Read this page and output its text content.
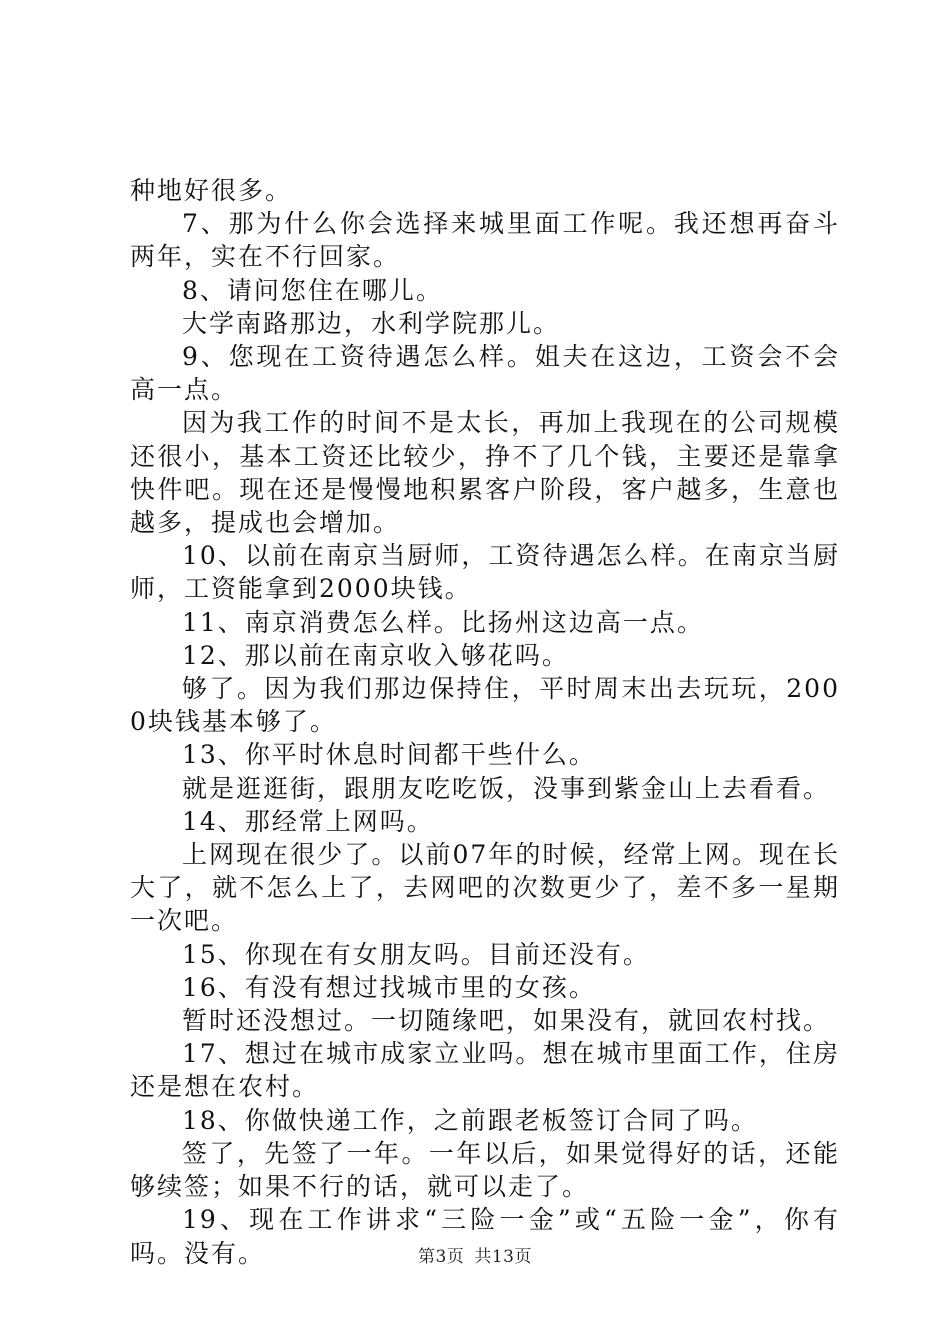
种地好很多。

7、那为什么你会选择来城里面工作呢。我还想再奋斗两年，实在不行回家。

8、请问您住在哪儿。

大学南路那边，水利学院那儿。

9、您现在工资待遇怎么样。姐夫在这边，工资会不会高一点。

因为我工作的时间不是太长，再加上我现在的公司规模还很小，基本工资还比较少，挣不了几个钱，主要还是靠拿快件吧。现在还是慢慢地积累客户阶段，客户越多，生意也越多，提成也会增加。

10、以前在南京当厨师，工资待遇怎么样。在南京当厨师，工资能拿到2000块钱。

11、南京消费怎么样。比扬州这边高一点。

12、那以前在南京收入够花吗。

够了。因为我们那边保持住，平时周末出去玩玩，2000块钱基本够了。

13、你平时休息时间都干些什么。

就是逛逛街，跟朋友吃吃饭，没事到紫金山上去看看。

14、那经常上网吗。

上网现在很少了。以前07年的时候，经常上网。现在长大了，就不怎么上了，去网吧的次数更少了，差不多一星期一次吧。

15、你现在有女朋友吗。目前还没有。

16、有没有想过找城市里的女孩。

暂时还没想过。一切随缘吧，如果没有，就回农村找。

17、想过在城市成家立业吗。想在城市里面工作，住房还是想在农村。

18、你做快递工作，之前跟老板签订合同了吗。

签了，先签了一年。一年以后，如果觉得好的话，还能够续签；如果不行的话，就可以走了。

19、现在工作讲求“三险一金”或“五险一金”，你有吗。没有。	第3页 共13页
